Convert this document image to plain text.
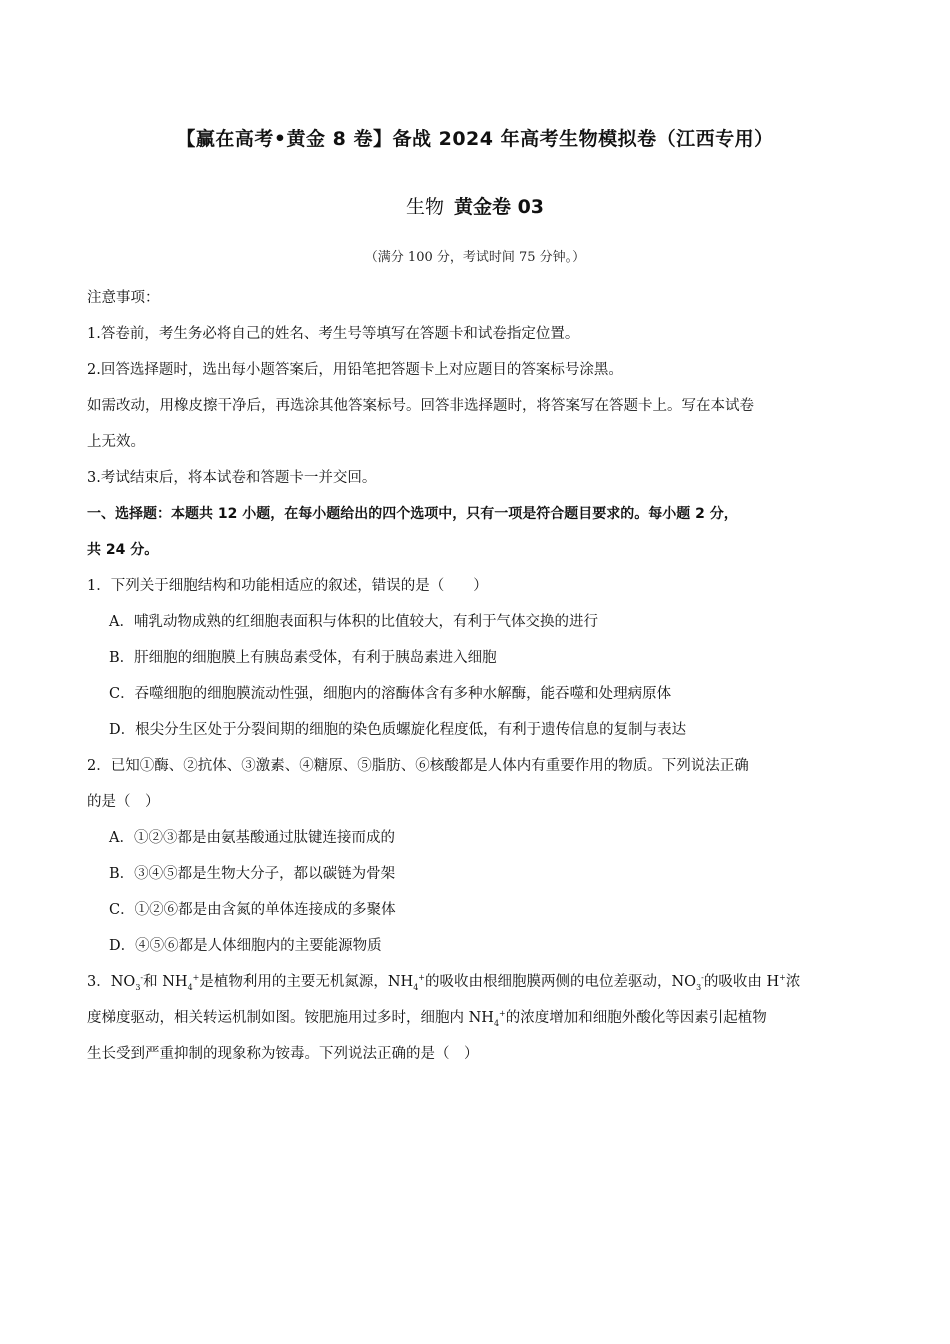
【赢在高考•黄金 8 卷】备战 2024 年高考生物模拟卷（江西专用）
生物 黄金卷 03
（满分 100 分，考试时间 75 分钟。）
注意事项：
1.答卷前，考生务必将自己的姓名、考生号等填写在答题卡和试卷指定位置。
2.回答选择题时，选出每小题答案后，用铅笔把答题卡上对应题目的答案标号涂黑。
如需改动，用橡皮擦干净后，再选涂其他答案标号。回答非选择题时，将答案写在答题卡上。写在本试卷
上无效。
3.考试结束后，将本试卷和答题卡一并交回。
一、选择题：本题共 12 小题，在每小题给出的四个选项中，只有一项是符合题目要求的。每小题 2 分，
共 24 分。
1．下列关于细胞结构和功能相适应的叙述，错误的是（　　）
A．哺乳动物成熟的红细胞表面积与体积的比值较大，有利于气体交换的进行
B．肝细胞的细胞膜上有胰岛素受体，有利于胰岛素进入细胞
C．吞噬细胞的细胞膜流动性强，细胞内的溶酶体含有多种水解酶，能吞噬和处理病原体
D．根尖分生区处于分裂间期的细胞的染色质螺旋化程度低，有利于遗传信息的复制与表达
2．已知①酶、②抗体、③激素、④糖原、⑤脂肪、⑥核酸都是人体内有重要作用的物质。下列说法正确
的是（　）
A．①②③都是由氨基酸通过肽键连接而成的
B．③④⑤都是生物大分子，都以碳链为骨架
C．①②⑥都是由含氮的单体连接成的多聚体
D．④⑤⑥都是人体细胞内的主要能源物质
3．$NO_3^-$和 $NH_4^+$是植物利用的主要无机氮源，$NH_4^+$的吸收由根细胞膜两侧的电位差驱动，$NO_3^-$的吸收由 H+浓
度梯度驱动，相关转运机制如图。铵肥施用过多时，细胞内 $NH_4^+$的浓度增加和细胞外酸化等因素引起植物
生长受到严重抑制的现象称为铵毒。下列说法正确的是（　）
